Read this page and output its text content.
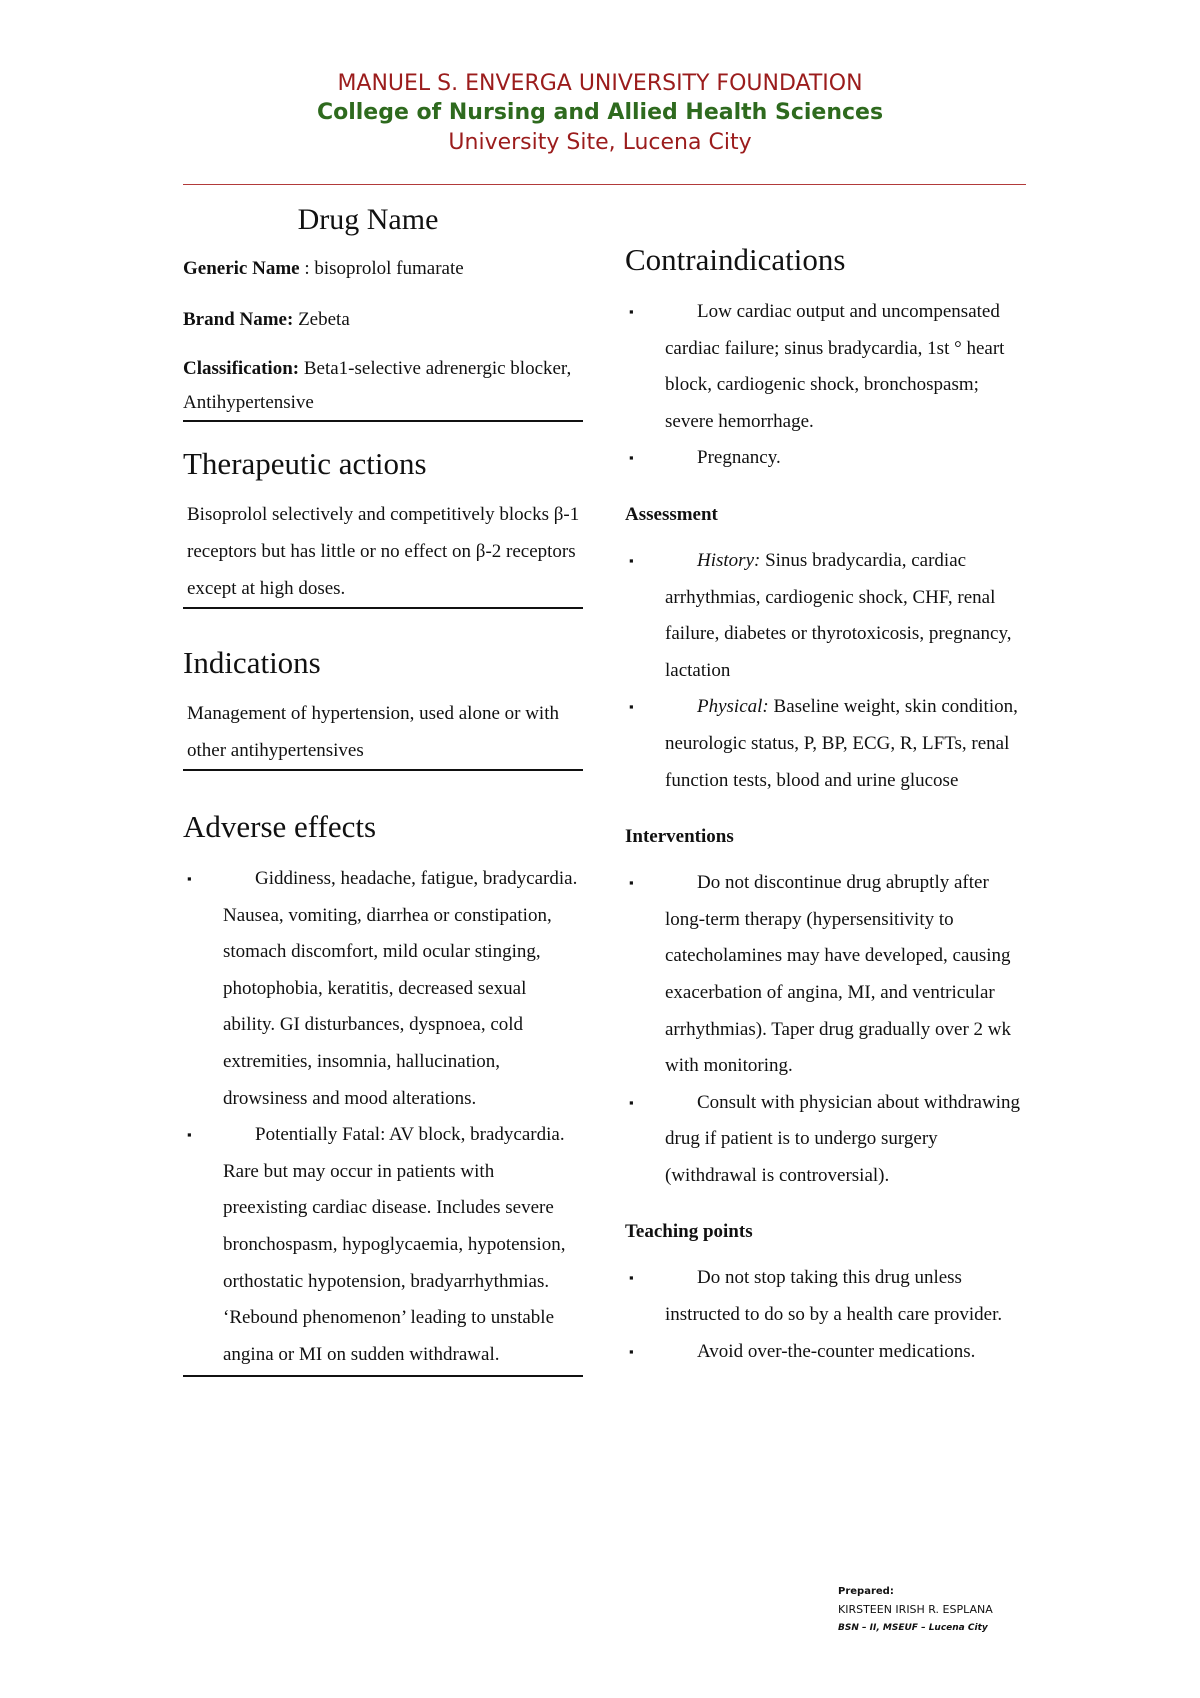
MANUEL S. ENVERGA UNIVERSITY FOUNDATION
College of Nursing and Allied Health Sciences
University Site, Lucena City
Drug Name
Generic Name : bisoprolol fumarate
Brand Name: Zebeta
Classification: Beta1-selective adrenergic blocker, Antihypertensive
Therapeutic actions
Bisoprolol selectively and competitively blocks β-1 receptors but has little or no effect on β-2 receptors except at high doses.
Indications
Management of hypertension, used alone or with other antihypertensives
Adverse effects
▪	Giddiness, headache, fatigue, bradycardia. Nausea, vomiting, diarrhea or constipation, stomach discomfort, mild ocular stinging, photophobia, keratitis, decreased sexual ability. GI disturbances, dyspnoea, cold extremities, insomnia, hallucination, drowsiness and mood alterations.
▪	Potentially Fatal: AV block, bradycardia. Rare but may occur in patients with preexisting cardiac disease. Includes severe bronchospasm, hypoglycaemia, hypotension, orthostatic hypotension, bradyarrhythmias. ‘Rebound phenomenon’ leading to unstable angina or MI on sudden withdrawal.
Contraindications
▪	Low cardiac output and uncompensated cardiac failure; sinus bradycardia, 1st ° heart block, cardiogenic shock, bronchospasm; severe hemorrhage.
▪	Pregnancy.
Assessment
▪	History: Sinus bradycardia, cardiac arrhythmias, cardiogenic shock, CHF, renal failure, diabetes or thyrotoxicosis, pregnancy, lactation
▪	Physical: Baseline weight, skin condition, neurologic status, P, BP, ECG, R, LFTs, renal function tests, blood and urine glucose
Interventions
▪	Do not discontinue drug abruptly after long-term therapy (hypersensitivity to catecholamines may have developed, causing exacerbation of angina, MI, and ventricular arrhythmias). Taper drug gradually over 2 wk with monitoring.
▪	Consult with physician about withdrawing drug if patient is to undergo surgery (withdrawal is controversial).
Teaching points
▪	Do not stop taking this drug unless instructed to do so by a health care provider.
▪	Avoid over-the-counter medications.
Prepared:
KIRSTEEN IRISH R. ESPLANA
BSN – II, MSEUF – Lucena City
